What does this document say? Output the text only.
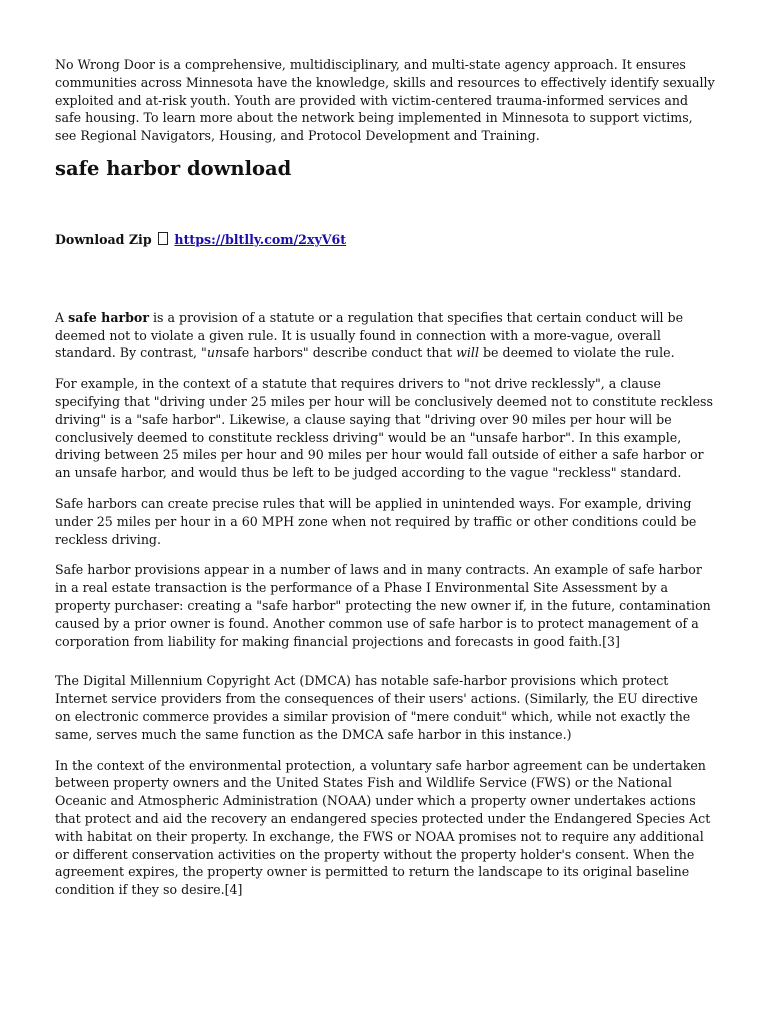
No Wrong Door is a comprehensive, multidisciplinary, and multi-state agency approach. It ensures communities across Minnesota have the knowledge, skills and resources to effectively identify sexually exploited and at-risk youth. Youth are provided with victim-centered trauma-informed services and safe housing. To learn more about the network being implemented in Minnesota to support victims, see Regional Navigators, Housing, and Protocol Development and Training.

safe harbor download

Download Zip https://bltlly.com/2xyV6t

A safe harbor is a provision of a statute or a regulation that specifies that certain conduct will be deemed not to violate a given rule. It is usually found in connection with a more-vague, overall standard. By contrast, "unsafe harbors" describe conduct that will be deemed to violate the rule.

For example, in the context of a statute that requires drivers to "not drive recklessly", a clause specifying that "driving under 25 miles per hour will be conclusively deemed not to constitute reckless driving" is a "safe harbor". Likewise, a clause saying that "driving over 90 miles per hour will be conclusively deemed to constitute reckless driving" would be an "unsafe harbor". In this example, driving between 25 miles per hour and 90 miles per hour would fall outside of either a safe harbor or an unsafe harbor, and would thus be left to be judged according to the vague "reckless" standard.

Safe harbors can create precise rules that will be applied in unintended ways. For example, driving under 25 miles per hour in a 60 MPH zone when not required by traffic or other conditions could be reckless driving.

Safe harbor provisions appear in a number of laws and in many contracts. An example of safe harbor in a real estate transaction is the performance of a Phase I Environmental Site Assessment by a property purchaser: creating a "safe harbor" protecting the new owner if, in the future, contamination caused by a prior owner is found. Another common use of safe harbor is to protect management of a corporation from liability for making financial projections and forecasts in good faith.[3]

The Digital Millennium Copyright Act (DMCA) has notable safe-harbor provisions which protect Internet service providers from the consequences of their users' actions. (Similarly, the EU directive on electronic commerce provides a similar provision of "mere conduit" which, while not exactly the same, serves much the same function as the DMCA safe harbor in this instance.)

In the context of the environmental protection, a voluntary safe harbor agreement can be undertaken between property owners and the United States Fish and Wildlife Service (FWS) or the National Oceanic and Atmospheric Administration (NOAA) under which a property owner undertakes actions that protect and aid the recovery an endangered species protected under the Endangered Species Act with habitat on their property. In exchange, the FWS or NOAA promises not to require any additional or different conservation activities on the property without the property holder's consent. When the agreement expires, the property owner is permitted to return the landscape to its original baseline condition if they so desire.[4]
